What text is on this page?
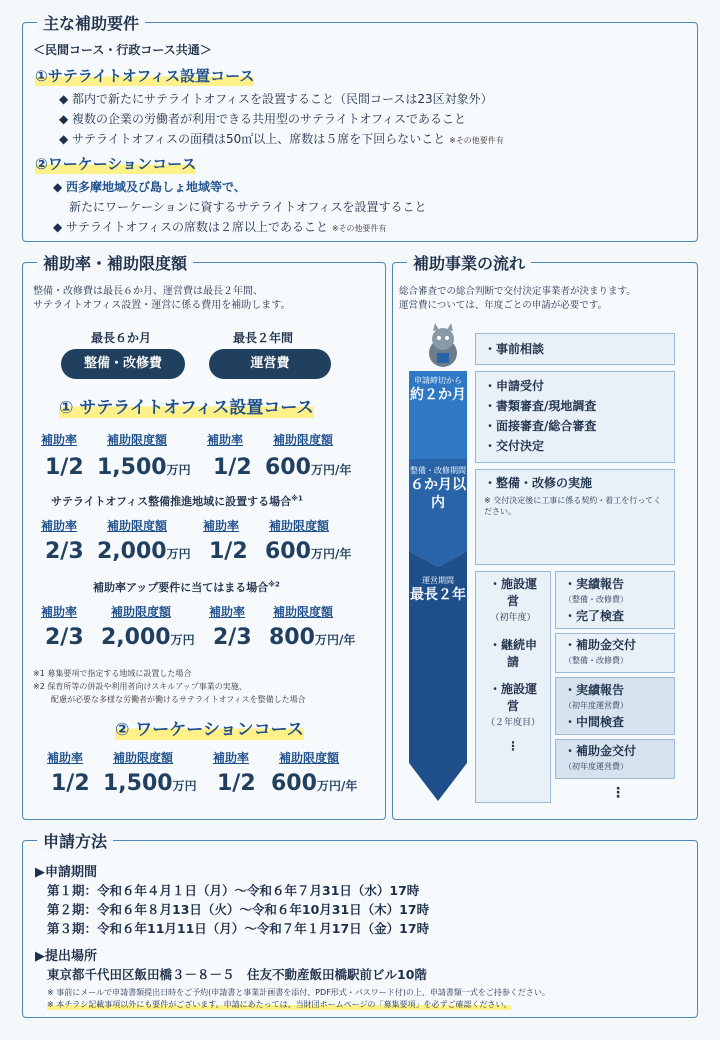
主な補助要件
＜民間コース・行政コース共通＞
①サテライトオフィス設置コース
◆ 都内で新たにサテライトオフィスを設置すること（民間コースは23区対象外）
◆ 複数の企業の労働者が利用できる共用型のサテライトオフィスであること
◆ サテライトオフィスの面積は50㎡以上、席数は５席を下回らないこと ※その他要件有
②ワーケーションコース
◆ 西多摩地域及び島しょ地域等で、
新たにワーケーションに資するサテライトオフィスを設置すること
◆ サテライトオフィスの席数は２席以上であること ※その他要件有
補助率・補助限度額
整備・改修費は最長６か月、運営費は最長２年間、
サテライトオフィス設置・運営に係る費用を補助します。
最長６か月	最長２年間
整備・改修費	運営費
① サテライトオフィス設置コース
補助率 補助限度額	補助率 補助限度額
1/2 1,500万円 1/2 600万円/年
サテライトオフィス整備推進地域に設置する場合$^{※1}$
補助率 補助限度額	補助率 補助限度額
2/3 2,000万円 1/2 600万円/年
補助率アップ要件に当てはまる場合$^{※2}$
補助率	補助限度額	補助率 補助限度額
2/3 2,000万円 2/3 800万円/年
※1 募集要項で指定する地域に設置した場合
※2 保育所等の併設や利用者向けスキルアップ事業の実施、
配慮が必要な多様な労働者が働けるサテライトオフィスを整備した場合
② ワーケーションコース
補助率 補助限度額	補助率 補助限度額
1/2 1,500万円 1/2 600万円/年
補助事業の流れ
総合審査での総合判断で交付決定事業者が決まります。
運営費については、年度ごとの申請が必要です。
申請締切から
約２か月
整備・改修期間
６か月以内
運営期間
最長２年
・事前相談
・申請受付
・書類審査/現地調査
・面接審査/総合審査
・交付決定
・整備・改修の実施
※ 交付決定後に工事に係る契約・着工を行ってください。
・施設運営
（初年度）
・継続申請
・施設運営
（２年度目）
⋮
・実績報告
（整備・改修費）
・完了検査
・補助金交付
（整備・改修費）
・実績報告
（初年度運営費）
・中間検査
・補助金交付
（初年度運営費）
⋮
申請方法
▶申請期間
第１期：令和６年４月１日（月）〜令和６年７月31日（水）17時
第２期：令和６年８月13日（火）〜令和６年10月31日（木）17時
第３期：令和６年11月11日（月）〜令和７年１月17日（金）17時
▶提出場所
東京都千代田区飯田橋３－８－５　住友不動産飯田橋駅前ビル10階
※ 事前にメールで申請書類提出日時をご予約(申請書と事業計画書を添付、PDF形式・パスワード付)の上、申請書類一式をご持参ください。
※ 本チラシ記載事項以外にも要件がございます。申請にあたっては、当財団ホームページの「募集要項」を必ずご確認ください。
